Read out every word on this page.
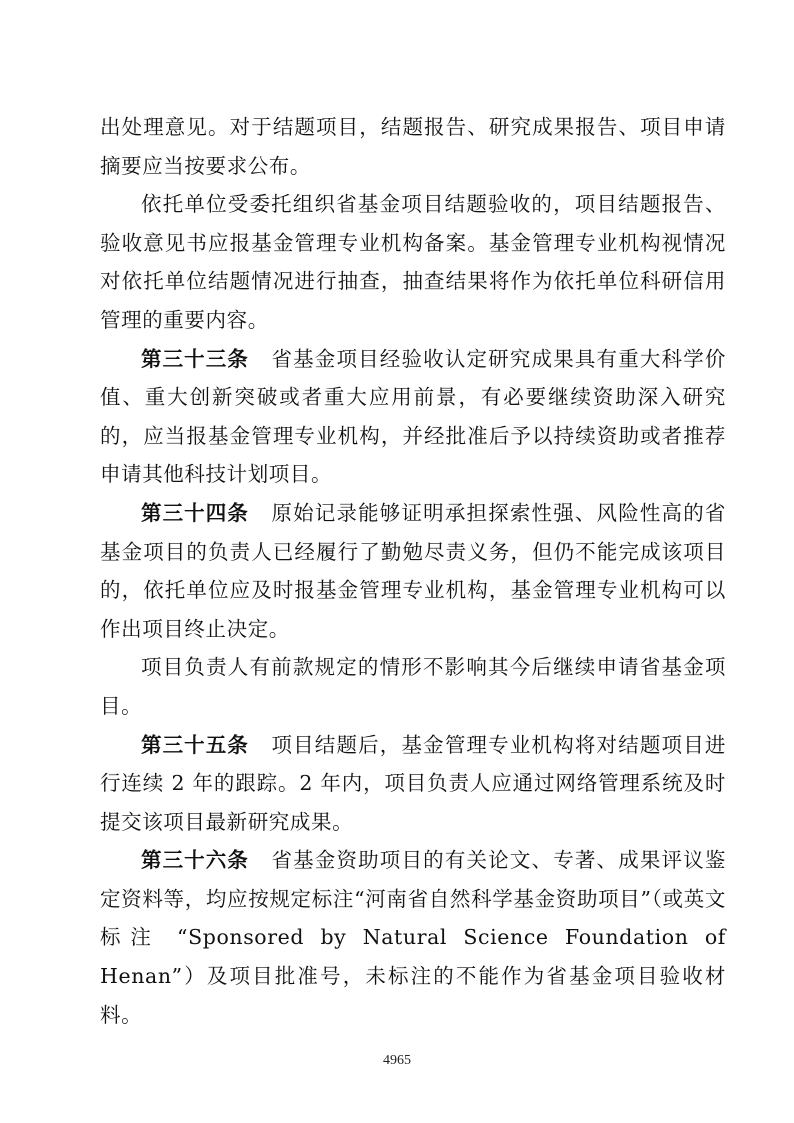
出处理意见。对于结题项目，结题报告、研究成果报告、项目申请摘要应当按要求公布。

依托单位受委托组织省基金项目结题验收的，项目结题报告、验收意见书应报基金管理专业机构备案。基金管理专业机构视情况对依托单位结题情况进行抽查，抽查结果将作为依托单位科研信用管理的重要内容。

第三十三条 省基金项目经验收认定研究成果具有重大科学价值、重大创新突破或者重大应用前景，有必要继续资助深入研究的，应当报基金管理专业机构，并经批准后予以持续资助或者推荐申请其他科技计划项目。

第三十四条 原始记录能够证明承担探索性强、风险性高的省基金项目的负责人已经履行了勤勉尽责义务，但仍不能完成该项目的，依托单位应及时报基金管理专业机构，基金管理专业机构可以作出项目终止决定。

项目负责人有前款规定的情形不影响其今后继续申请省基金项目。

第三十五条 项目结题后，基金管理专业机构将对结题项目进行连续 2 年的跟踪。2 年内，项目负责人应通过网络管理系统及时提交该项目最新研究成果。

第三十六条 省基金资助项目的有关论文、专著、成果评议鉴定资料等，均应按规定标注“河南省自然科学基金资助项目”（或英文标注 “Sponsored by Natural Science Foundation of Henan”）及项目批准号，未标注的不能作为省基金项目验收材料。

4965
